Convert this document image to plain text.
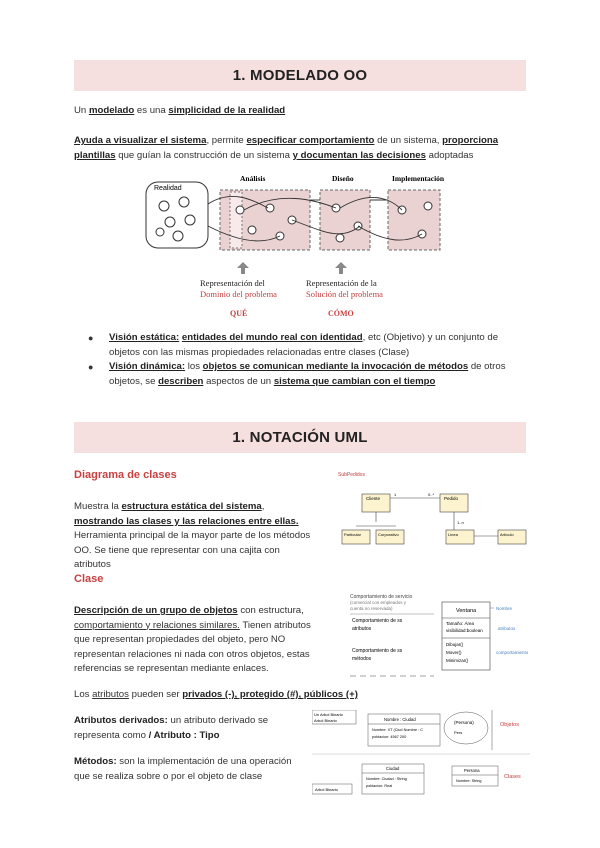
1. MODELADO OO
Un modelado es una simplicidad de la realidad
Ayuda a visualizar el sistema, permite especificar comportamiento de un sistema, proporciona plantillas que guían la construcción de un sistema y documentan las decisiones adoptadas
Realidad
Análisis	Diseño	Implementación
Representación del
Dominio del problema
Representación de la
Solución del problema
QUÉ	CÓMO
● Visión estática: entidades del mundo real con identidad, etc (Objetivo) y un conjunto de objetos con las mismas propiedades relacionadas entre clases (Clase)
● Visión dinámica: los objetos se comunican mediante la invocación de métodos de otros objetos, se describen aspectos de un sistema que cambian con el tiempo
1. NOTACIÓN UML
Diagrama de clases
Muestra la estructura estática del sistema, mostrando las clases y las relaciones entre ellas. Herramienta principal de la mayor parte de los métodos OO. Se tiene que representar con una cajita con atributos
SubPedidos
Cliente	Pedido
1	0..*
Particular	Corporativo
1..n
Linea	Artículo
Clase
Descripción de un grupo de objetos con estructura, comportamiento y relaciones similares. Tienen atributos que representan propiedades del objeto, pero NO representan relaciones ni nada con otros objetos, estas referencias se representan mediante enlaces.
Comportamiento de servicio
(comercial con empleados y
cuenta no reservada)
Comportamiento de ss
atributos
Comportamiento de ss
métodos
Ventana
Tamaño: Área
visibilidad:boolean
Dibujar()
Mover()
Minimizar()
Nombre
atributos
comportamiento
Los atributos pueden ser privados (-), protegido (#), públicos (+)
Atributos derivados: un atributo derivado se representa como / Atributo : Tipo
Métodos: son la implementación de una operación que se realiza sobre o por el objeto de clase
Un Arbol Binario
Arbol Binario	Nombre : Ciudad
Nombre: XT (Ciud Nombre : C
poblacion: 4567 200
(Persona)
Pers
Objetos
Ciudad
Nombre: Ciudad : String
poblacion: Real
Persona
Nombre: String
Clases
Arbol Binario
